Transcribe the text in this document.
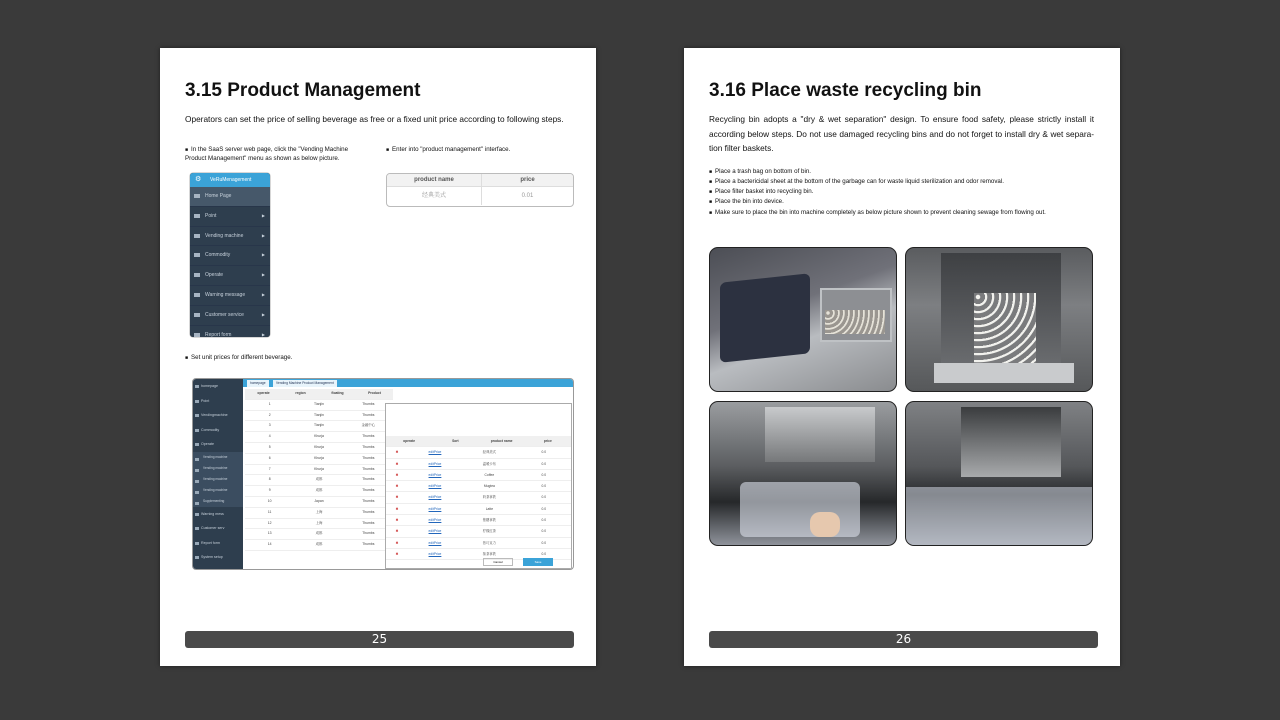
3.15 Product Management

Operators can set the price of selling beverage as free or a fixed unit price according to following steps.

■ In the SaaS server web page, click the "Vending Machine Product Management" menu as shown as below picture.
■ Enter into "product management" interface.
⚙ VeRuMenagement
Home Page
Point	▶
Vending machine	▶
Commodity	▶
Operate	▶
Warning message	▶
Customer service	▶
Report form	▶
product name	price
经典美式	0.01
■ Set unit prices for different beverage.
homepage
Point
Vendingmachine
Commodity
Operate
Vending machine
Vending machine
Vending machine
Vending machine
Supplementing
Warning mess
Customer serv
Report form
System setup
homepage	Vending Machine Product Management
operate	region	floating	Product
1	Tianjin	Thumbs
2	Tianjin	Thumbs
3	Tianjin	金融中心
4	Khurja	Thumbs
5	Khurja	Thumbs
6	Khurja	Thumbs
7	Khurja	Thumbs
8	成都	Thumbs
9	成都	Thumbs
10	Japan	Thumbs
11	上海	Thumbs
12	上海	Thumbs
13	成都	Thumbs
14	成都	Thumbs
operate	Sort	product name	price
✖	editPrice	经典美式	0.0
✖	editPrice	温暖卡布	0.0
✖	editPrice	Coffee	0.0
✖	editPrice	Mugtea	0.0
✖	editPrice	奶茶拿铁	0.0
✖	editPrice	Latte	0.0
✖	editPrice	焦糖拿铁	0.0
✖	editPrice	柠檬红茶	0.0
✖	editPrice	热巧克力	0.0
✖	editPrice	抹茶拿铁	0.0
Cancel	Save
25
3.16 Place waste recycling bin

Recycling bin adopts a "dry & wet separation" design. To ensure food safety, please strictly install it according below steps. Do not use damaged recycling bins and do not forget to install dry & wet separa-tion filter baskets.

■ Place a trash bag on bottom of bin.
■ Place a bactericidal sheet at the bottom of the garbage can for waste liquid sterilization and odor removal.
■ Place filter basket into recycling bin.
■ Place the bin into device.
■ Make sure to place the bin into machine completely as below picture shown to prevent cleaning sewage from flowing out.
26
